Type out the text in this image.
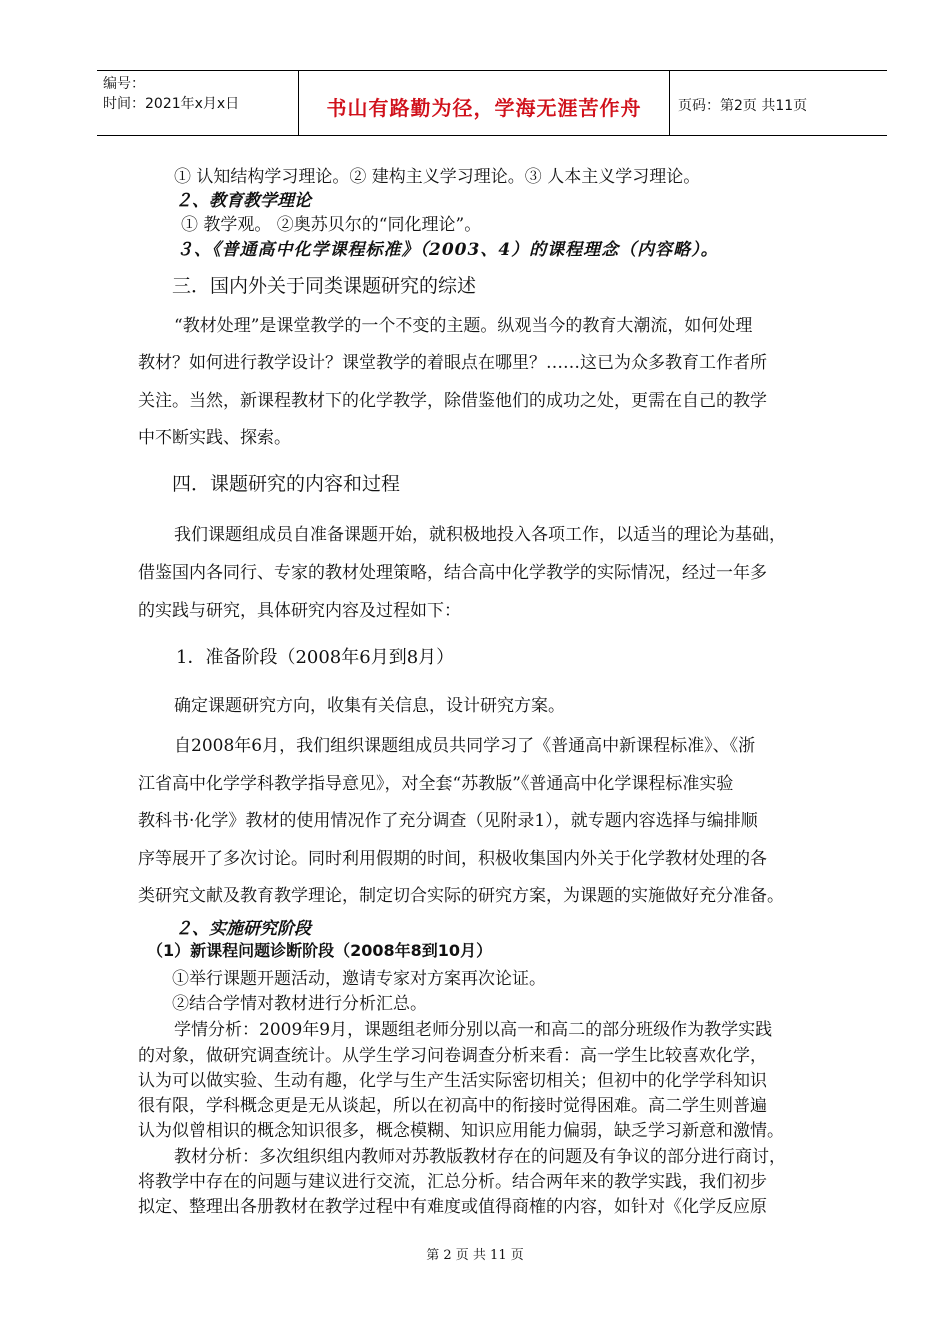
编号：
时间：2021年x月x日	书山有路勤为径，学海无涯苦作舟	页码：第2页 共11页
① 认知结构学习理论。② 建构主义学习理论。③ 人本主义学习理论。
２、教育教学理论
① 教学观。 ②奥苏贝尔的“同化理论”。
３、《普通高中化学课程标准》（2003、4）的课程理念（内容略）。
三．国内外关于同类课题研究的综述
“教材处理”是课堂教学的一个不变的主题。纵观当今的教育大潮流，如何处理
教材？如何进行教学设计？课堂教学的着眼点在哪里？……这已为众多教育工作者所
关注。当然，新课程教材下的化学教学，除借鉴他们的成功之处，更需在自己的教学
中不断实践、探索。
四．课题研究的内容和过程
我们课题组成员自准备课题开始，就积极地投入各项工作，以适当的理论为基础，
借鉴国内各同行、专家的教材处理策略，结合高中化学教学的实际情况，经过一年多
的实践与研究，具体研究内容及过程如下：
1．准备阶段（2008年6月到8月）
确定课题研究方向，收集有关信息，设计研究方案。
自2008年6月，我们组织课题组成员共同学习了《普通高中新课程标准》、《浙
江省高中化学学科教学指导意见》，对全套“苏教版”《普通高中化学课程标准实验
教科书·化学》教材的使用情况作了充分调查（见附录1），就专题内容选择与编排顺
序等展开了多次讨论。同时利用假期的时间，积极收集国内外关于化学教材处理的各
类研究文献及教育教学理论，制定切合实际的研究方案，为课题的实施做好充分准备。
２、实施研究阶段
（1）新课程问题诊断阶段（2008年8到10月）
①举行课题开题活动，邀请专家对方案再次论证。
②结合学情对教材进行分析汇总。
学情分析：2009年9月，课题组老师分别以高一和高二的部分班级作为教学实践
的对象，做研究调查统计。从学生学习问卷调查分析来看：高一学生比较喜欢化学，
认为可以做实验、生动有趣，化学与生产生活实际密切相关；但初中的化学学科知识
很有限，学科概念更是无从谈起，所以在初高中的衔接时觉得困难。高二学生则普遍
认为似曾相识的概念知识很多，概念模糊、知识应用能力偏弱，缺乏学习新意和激情。
教材分析：多次组织组内教师对苏教版教材存在的问题及有争议的部分进行商讨，
将教学中存在的问题与建议进行交流，汇总分析。结合两年来的教学实践，我们初步
拟定、整理出各册教材在教学过程中有难度或值得商榷的内容，如针对《化学反应原
第 2 页 共 11 页
